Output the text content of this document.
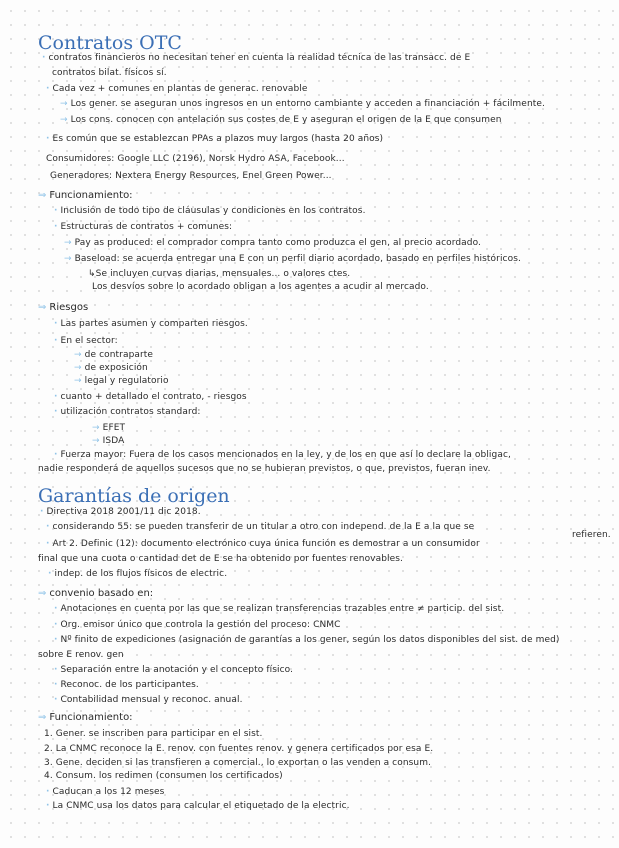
Contratos OTC
· contratos financieros no necesitan tener en cuenta la realidad técnica de las transacc. de E
contratos bilat. físicos sí.
· Cada vez + comunes en plantas de generac. renovable
→ Los gener. se aseguran unos ingresos en un entorno cambiante y acceden a financiación + fácilmente.
→ Los cons. conocen con antelación sus costes de E y aseguran el origen de la E que consumen
· Es común que se establezcan PPAs a plazos muy largos (hasta 20 años)
Consumidores: Google LLC (2196), Norsk Hydro ASA, Facebook...
Generadores: Nextera Energy Resources, Enel Green Power...
⇒ Funcionamiento:
· Inclusión de todo tipo de cláusulas y condiciones en los contratos.
· Estructuras de contratos + comunes:
→ Pay as produced: el comprador compra tanto como produzca el gen, al precio acordado.
→ Baseload: se acuerda entregar una E con un perfil diario acordado, basado en perfiles históricos.
↳Se incluyen curvas diarias, mensuales... o valores ctes.
Los desvíos sobre lo acordado obligan a los agentes a acudir al mercado.
⇒ Riesgos
· Las partes asumen y comparten riesgos.
· En el sector:
→ de contraparte
→ de exposición
→ legal y regulatorio
· cuanto + detallado el contrato, - riesgos
· utilización contratos standard:
→ EFET
→ ISDA
· Fuerza mayor: Fuera de los casos mencionados en la ley, y de los en que así lo declare la obligac,
nadie responderá de aquellos sucesos que no se hubieran previstos, o que, previstos, fueran inev.
Garantías de origen
· Directiva 2018 2001/11 dic 2018.
· considerando 55: se pueden transferir de un titular a otro con independ. de la E a la que se
refieren.
· Art 2. Definic (12): documento electrónico cuya única función es demostrar a un consumidor
final que una cuota o cantidad det de E se ha obtenido por fuentes renovables.
· indep. de los flujos físicos de electric.
⇒ convenio basado en:
· Anotaciones en cuenta por las que se realizan transferencias trazables entre ≠ particip. del sist.
· Org. emisor único que controla la gestión del proceso: CNMC
· Nº finito de expediciones (asignación de garantías a los gener, según los datos disponibles del sist. de med)
sobre E renov. gen
· Separación entre la anotación y el concepto físico.
· Reconoc. de los participantes.
· Contabilidad mensual y reconoc. anual.
⇒ Funcionamiento:
1. Gener. se inscriben para participar en el sist.
2. La CNMC reconoce la E. renov. con fuentes renov. y genera certificados por esa E.
3. Gene. deciden si las transfieren a comercial., lo exportan o las venden a consum.
4. Consum. los redimen (consumen los certificados)
· Caducan a los 12 meses
· La CNMC usa los datos para calcular el etiquetado de la electric.
